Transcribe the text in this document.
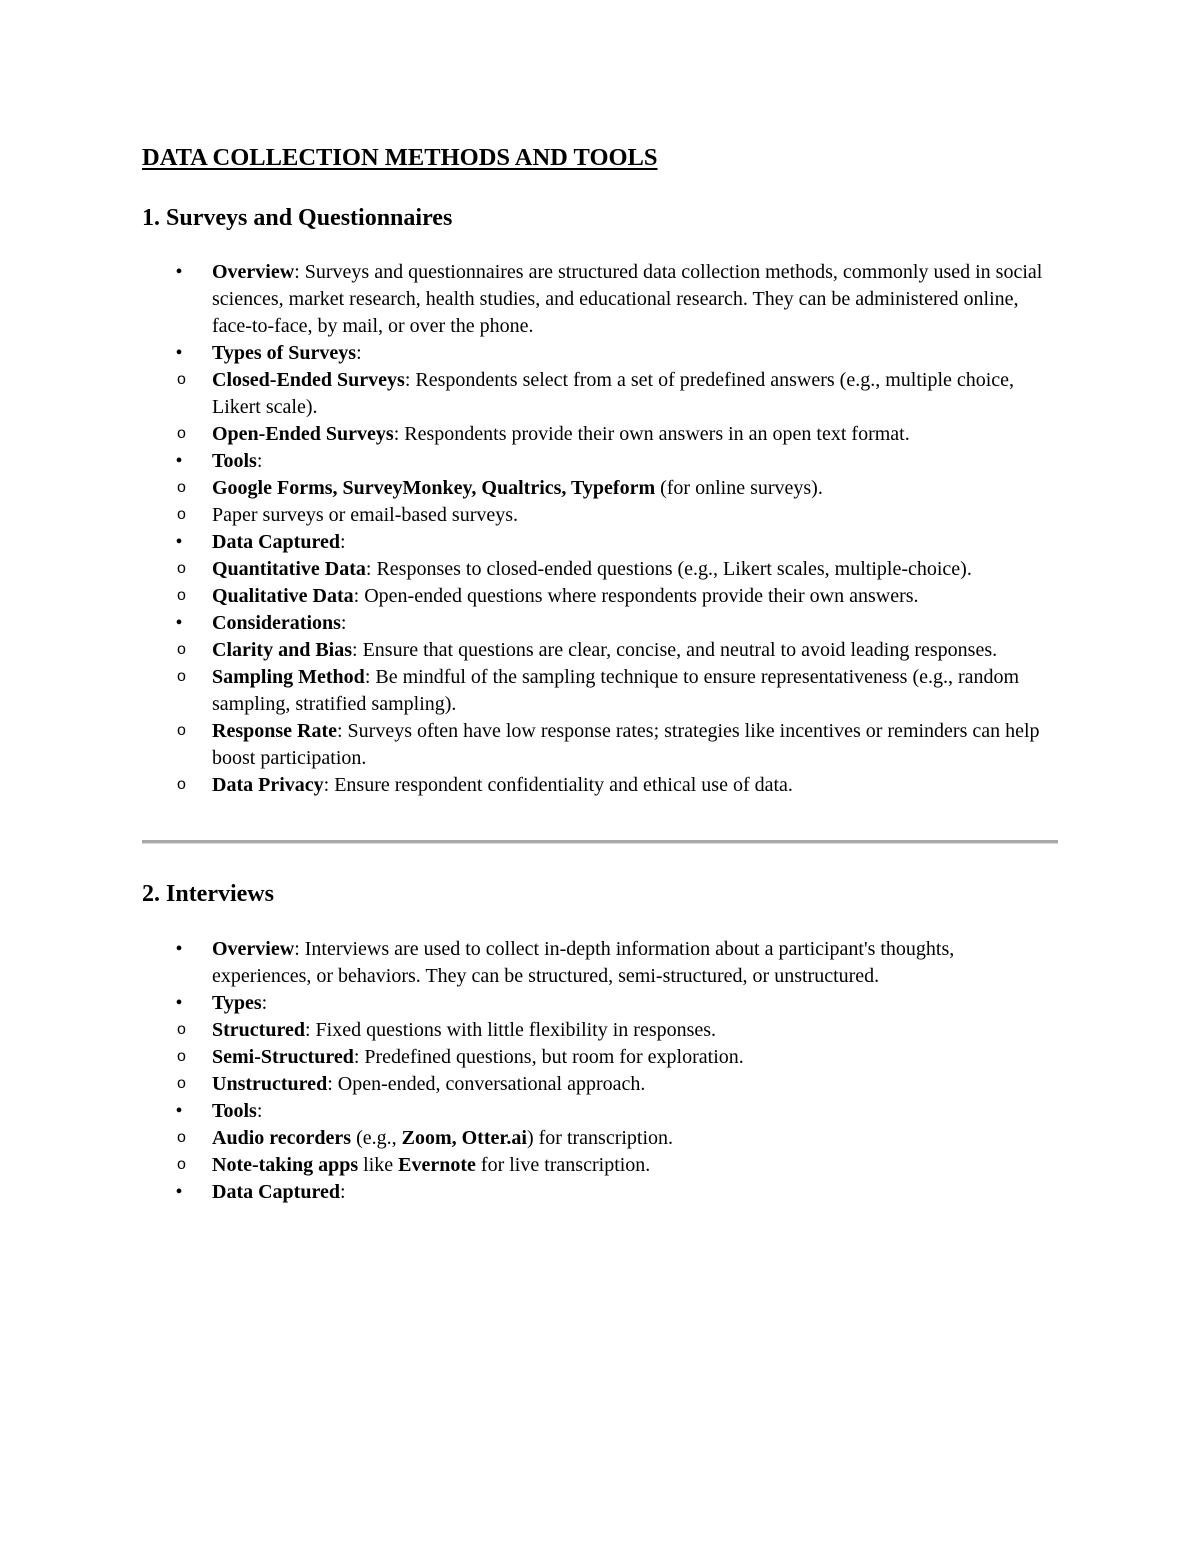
DATA COLLECTION METHODS AND TOOLS
1. Surveys and Questionnaires
• Overview: Surveys and questionnaires are structured data collection methods, commonly used in social sciences, market research, health studies, and educational research. They can be administered online, face-to-face, by mail, or over the phone.
• Types of Surveys:
o Closed-Ended Surveys: Respondents select from a set of predefined answers (e.g., multiple choice, Likert scale).
o Open-Ended Surveys: Respondents provide their own answers in an open text format.
• Tools:
o Google Forms, SurveyMonkey, Qualtrics, Typeform (for online surveys).
o Paper surveys or email-based surveys.
• Data Captured:
o Quantitative Data: Responses to closed-ended questions (e.g., Likert scales, multiple-choice).
o Qualitative Data: Open-ended questions where respondents provide their own answers.
• Considerations:
o Clarity and Bias: Ensure that questions are clear, concise, and neutral to avoid leading responses.
o Sampling Method: Be mindful of the sampling technique to ensure representativeness (e.g., random sampling, stratified sampling).
o Response Rate: Surveys often have low response rates; strategies like incentives or reminders can help boost participation.
o Data Privacy: Ensure respondent confidentiality and ethical use of data.
2. Interviews
• Overview: Interviews are used to collect in-depth information about a participant's thoughts, experiences, or behaviors. They can be structured, semi-structured, or unstructured.
• Types:
o Structured: Fixed questions with little flexibility in responses.
o Semi-Structured: Predefined questions, but room for exploration.
o Unstructured: Open-ended, conversational approach.
• Tools:
o Audio recorders (e.g., Zoom, Otter.ai) for transcription.
o Note-taking apps like Evernote for live transcription.
• Data Captured:
